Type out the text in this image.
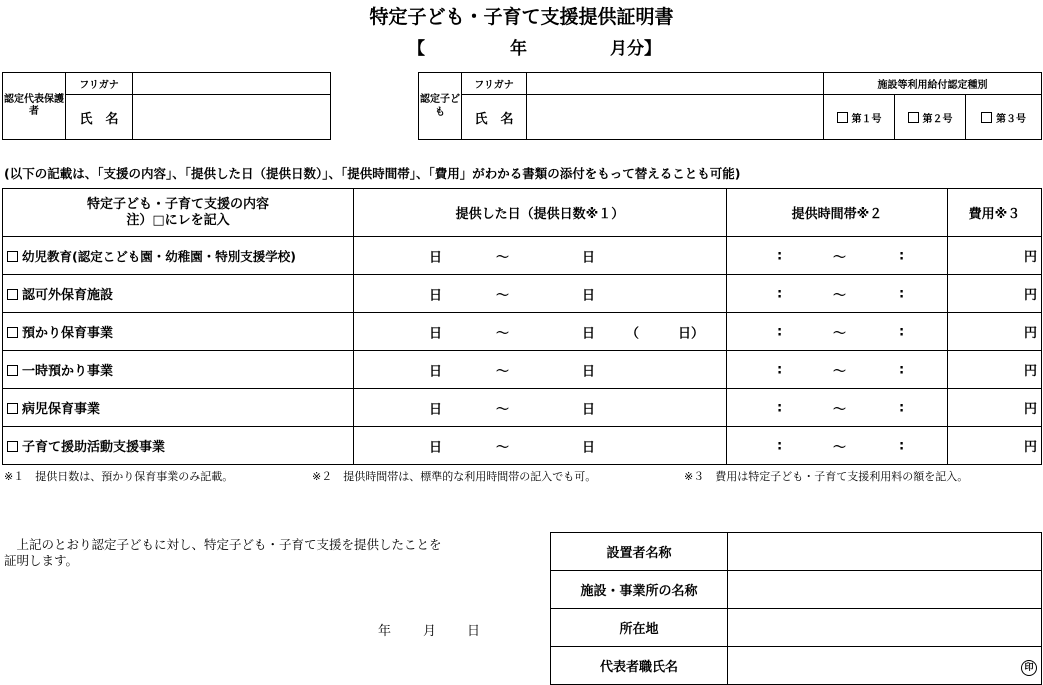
特定子ども・子育て支援提供証明書
【	年	月分】
認定代表保護者	フリガナ	
	氏　名	
認定子ども	フリガナ		施設等利用給付認定種別		
	氏　名		第１号	第２号	第３号
(以下の記載は、「支援の内容」、「提供した日（提供日数）」、「提供時間帯」、「費用」がわかる書類の添付をもって替えることも可能)
特定子ども・子育て支援の内容
注）□にレを記入	提供した日（提供日数※１）	提供時間帯※２	費用※３
幼児教育(認定こども園・幼稚園・特別支援学校)	日 〜 日	: 〜 :	円
認可外保育施設	日 〜 日	: 〜 :	円
預かり保育事業	日 〜 日 （　　　日）	: 〜 :	円
一時預かり事業	日 〜 日	: 〜 :	円
病児保育事業	日 〜 日	: 〜 :	円
子育て援助活動支援事業	日 〜 日	: 〜 :	円
※１　提供日数は、預かり保育事業のみ記載。	※２　提供時間帯は、標準的な利用時間帯の記入でも可。	※３　費用は特定子ども・子育て支援利用料の額を記入。
　上記のとおり認定子どもに対し、特定子ども・子育て支援を提供したことを
証明します。
年 月 日
設置者名称	
施設・事業所の名称	
所在地	
代表者職氏名	印
